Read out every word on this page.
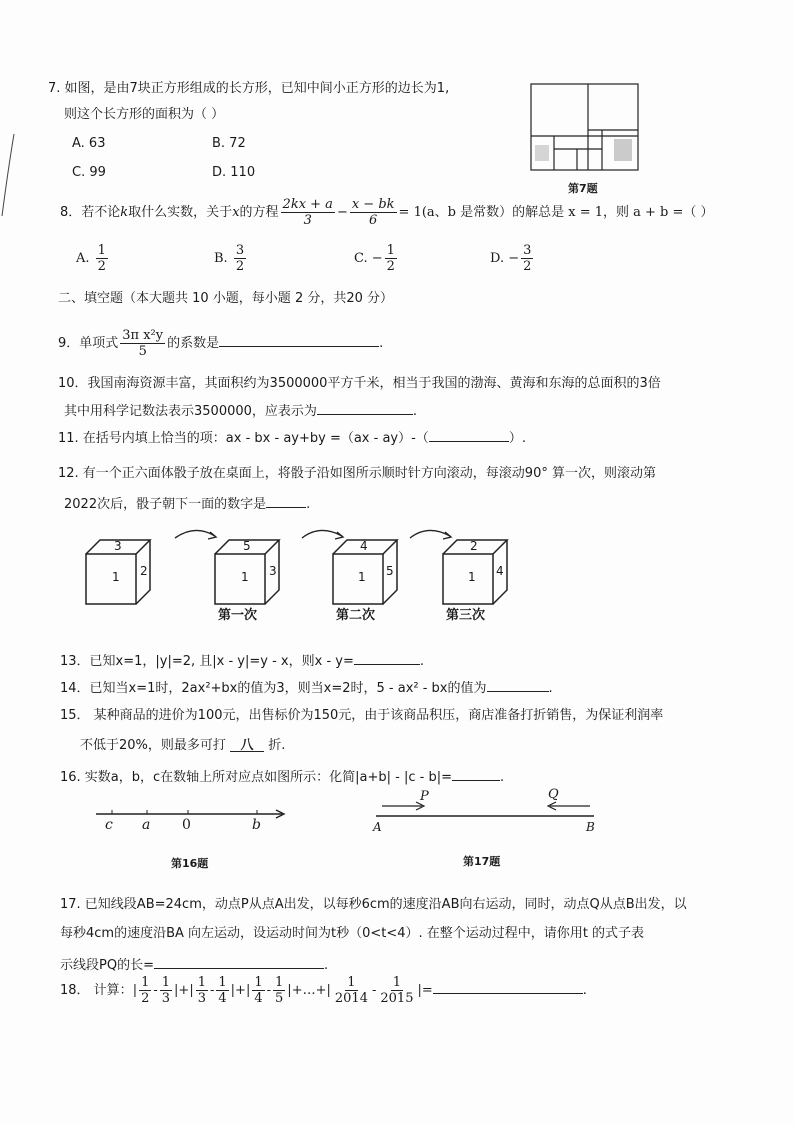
7. 如图，是由7块正方形组成的长方形，已知中间小正方形的边长为1,
则这个长方形的面积为（ ）
A. 63	B. 72
C. 99	D. 110
第7题
8．若不论k取什么实数，关于x的方程 $\frac{2kx + a}{3} - \frac{x - bk}{6} = 1(a$、b 是常数）的解总是 x = 1，则 a + b =（ ）
A. $\frac{1}{2}$	B. $\frac{3}{2}$	C. − $\frac{1}{2}$	D. − $\frac{3}{2}$
二、填空题（本大题共 10 小题，每小题 2 分，共20 分）
9．单项式 $\frac{\text{3π x²y}}{5}$ 的系数是	.
10．我国南海资源丰富，其面积约为3500000平方千米，相当于我国的渤海、黄海和东海的总面积的3倍
其中用科学记数法表示3500000，应表示为	.
11. 在括号内填上恰当的项：ax - bx - ay+by =（ax - ay）-（	）.
12. 有一个正六面体骰子放在桌面上，将骰子沿如图所示顺时针方向滚动，每滚动90° 算一次，则滚动第
2022次后，骰子朝下一面的数字是	.
3
1 2
5
1 3
4
1 5
2
1 4
第一次	第二次	第三次
13．已知x=1，|y|=2, 且|x - y|=y - x，则x - y=	.
14．已知当x=1时，2ax²+bx的值为3，则当x=2时，5 - ax² - bx的值为	.
15． 某种商品的进价为100元，出售标价为150元，由于该商品积压，商店准备打折销售，为保证利润率
不低于20%，则最多可打 八 折.
16. 实数a，b，c在数轴上所对应点如图所示：化简|a+b| - |c - b|=	.
c a 0	b
第16题
P	Q
A	B
第17题
17. 已知线段AB=24cm，动点P从点A出发，以每秒6cm的速度沿AB向右运动，同时，动点Q从点B出发，以
每秒4cm的速度沿BA 向左运动，设运动时间为t秒（0<t<4）. 在整个运动过程中，请你用t 的式子表
示线段PQ的长=	.
18． 计算：| $\frac{1}{2} - \frac{1}{3}$ |+| $\frac{1}{3} - \frac{1}{4}$ |+| $\frac{1}{4} - \frac{1}{5}$ |+…+| $\frac{1}{2014} - \frac{1}{2015}$ |=	.
